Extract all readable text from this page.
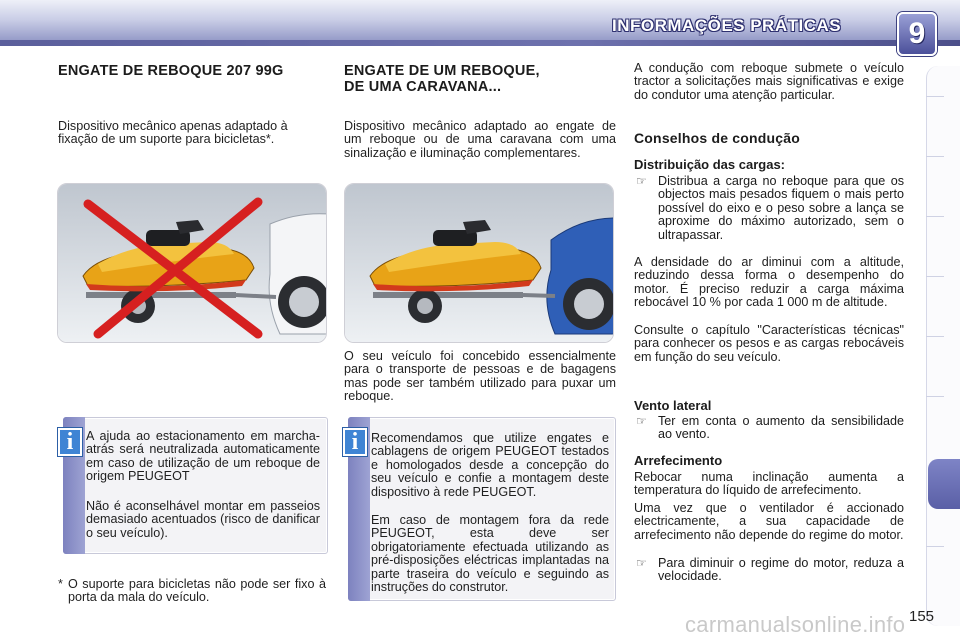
INFORMAÇÕES PRÁTICAS 9
ENGATE DE REBOQUE 207 99G
Dispositivo mecânico apenas adaptado à fixação de um suporte para bicicletas*.
i	A ajuda ao estacionamento em marcha-atrás será neutralizada automaticamente em caso de utilização de um reboque de origem PEUGEOT
Não é aconselhável montar em passeios demasiado acentuados (risco de danificar o seu veículo).
* O suporte para bicicletas não pode ser fixo à porta da mala do veículo.
ENGATE DE UM REBOQUE,
DE UMA CARAVANA...
Dispositivo mecânico adaptado ao engate de um reboque ou de uma caravana com uma sinalização e iluminação complementares.
O seu veículo foi concebido essencialmente para o transporte de pessoas e de bagagens mas pode ser também utilizado para puxar um reboque.
i	Recomendamos que utilize engates e cablagens de origem PEUGEOT testados e homologados desde a concepção do seu veículo e confie a montagem deste dispositivo à rede PEUGEOT.
Em caso de montagem fora da rede PEUGEOT, esta deve ser obrigatoriamente efectuada utilizando as pré-disposições eléctricas implantadas na parte traseira do veículo e seguindo as instruções do construtor.
A condução com reboque submete o veículo tractor a solicitações mais significativas e exige do condutor uma atenção particular.
Conselhos de condução
Distribuição das cargas:
☞ Distribua a carga no reboque para que os objectos mais pesados fiquem o mais perto possível do eixo e o peso sobre a lança se aproxime do máximo autorizado, sem o ultrapassar.
A densidade do ar diminui com a altitude, reduzindo dessa forma o desempenho do motor. É preciso reduzir a carga máxima rebocável 10 % por cada 1 000 m de altitude.
Consulte o capítulo "Características técnicas" para conhecer os pesos e as cargas rebocáveis em função do seu veículo.
Vento lateral
☞ Ter em conta o aumento da sensibilidade ao vento.
Arrefecimento
Rebocar numa inclinação aumenta a temperatura do líquido de arrefecimento.
Uma vez que o ventilador é accionado electricamente, a sua capacidade de arrefecimento não depende do regime do motor.
☞ Para diminuir o regime do motor, reduza a velocidade.
carmanualsonline.info 155
